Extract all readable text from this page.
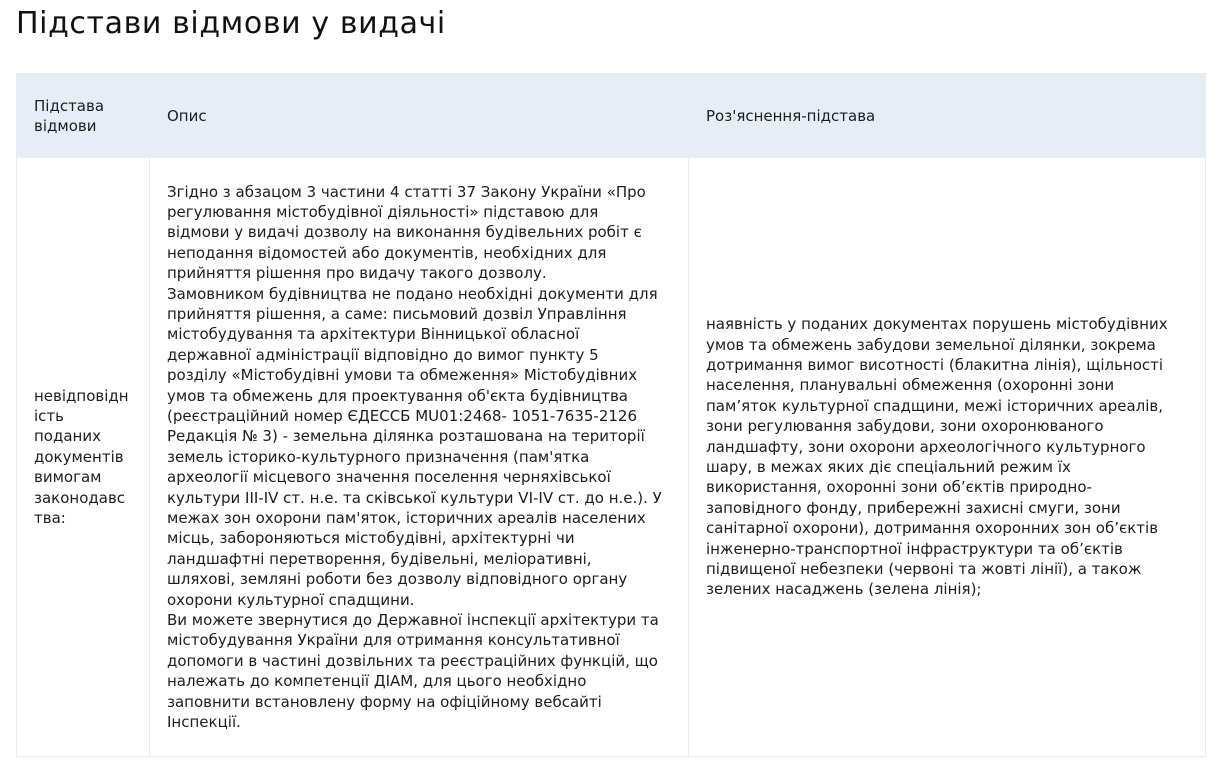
Підстави відмови у видачі
Підстава
відмови
Опис	Роз'яснення-підстава
невідповідн
ість
поданих
документів
вимогам
законодавс
тва:
Згідно з абзацом 3 частини 4 статті 37 Закону України «Про
регулювання містобудівної діяльності» підставою для
відмови у видачі дозволу на виконання будівельних робіт є
неподання відомостей або документів, необхідних для
прийняття рішення про видачу такого дозволу.
Замовником будівництва не подано необхідні документи для
прийняття рішення, а саме: письмовий дозвіл Управління
містобудування та архітектури Вінницької обласної
державної адміністрації відповідно до вимог пункту 5
розділу «Містобудівні умови та обмеження» Містобудівних
умов та обмежень для проектування об'єкта будівництва
(реєстраційний номер ЄДЕССБ MU01:2468- 1051-7635-2126
Редакція № 3) - земельна ділянка розташована на території
земель історико-культурного призначення (пам'ятка
археології місцевого значення поселення черняхівської
культури III-IV ст. н.е. та сківської культури VI-IV ст. до н.е.). У
межах зон охорони пам'яток, історичних ареалів населених
місць, забороняються містобудівні, архітектурні чи
ландшафтні перетворення, будівельні, меліоративні,
шляхові, земляні роботи без дозволу відповідного органу
охорони культурної спадщини.
Ви можете звернутися до Державної інспекції архітектури та
містобудування України для отримання консультативної
допомоги в частині дозвільних та реєстраційних функцій, що
належать до компетенції ДІАМ, для цього необхідно
заповнити встановлену форму на офіційному вебсайті
Інспекції.
наявність у поданих документах порушень містобудівних
умов та обмежень забудови земельної ділянки, зокрема
дотримання вимог висотності (блакитна лінія), щільності
населення, планувальні обмеження (охоронні зони
пам’яток культурної спадщини, межі історичних ареалів,
зони регулювання забудови, зони охоронюваного
ландшафту, зони охорони археологічного культурного
шару, в межах яких діє спеціальний режим їх
використання, охоронні зони об’єктів природно-
заповідного фонду, прибережні захисні смуги, зони
санітарної охорони), дотримання охоронних зон об’єктів
інженерно-транспортної інфраструктури та об’єктів
підвищеної небезпеки (червоні та жовті лінії), а також
зелених насаджень (зелена лінія);
